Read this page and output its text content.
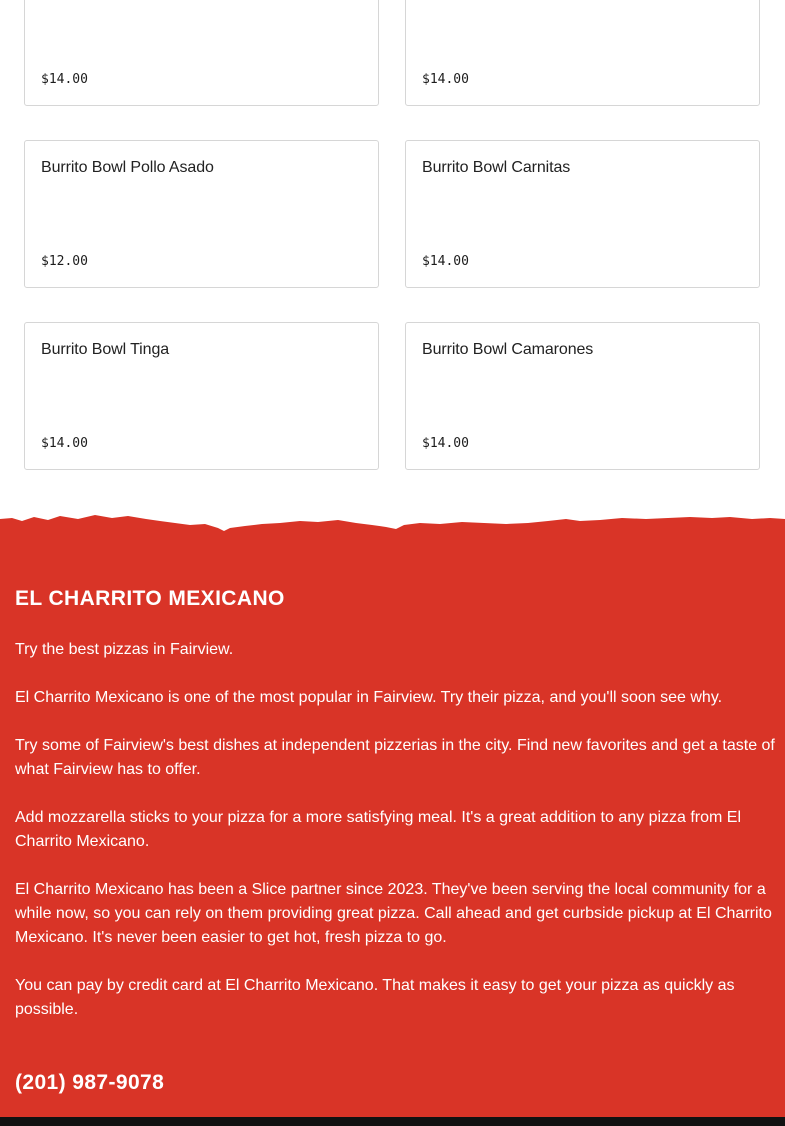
$14.00	$14.00
Burrito Bowl Pollo Asado
$12.00
Burrito Bowl Carnitas
$14.00
Burrito Bowl Tinga
$14.00
Burrito Bowl Camarones
$14.00
EL CHARRITO MEXICANO
Try the best pizzas in Fairview.
El Charrito Mexicano is one of the most popular in Fairview. Try their pizza, and you'll soon see why.
Try some of Fairview's best dishes at independent pizzerias in the city. Find new favorites and get a taste of what Fairview has to offer.
Add mozzarella sticks to your pizza for a more satisfying meal. It's a great addition to any pizza from El Charrito Mexicano.
El Charrito Mexicano has been a Slice partner since 2023. They've been serving the local community for a while now, so you can rely on them providing great pizza. Call ahead and get curbside pickup at El Charrito Mexicano. It's never been easier to get hot, fresh pizza to go.
You can pay by credit card at El Charrito Mexicano. That makes it easy to get your pizza as quickly as possible.
(201) 987-9078
